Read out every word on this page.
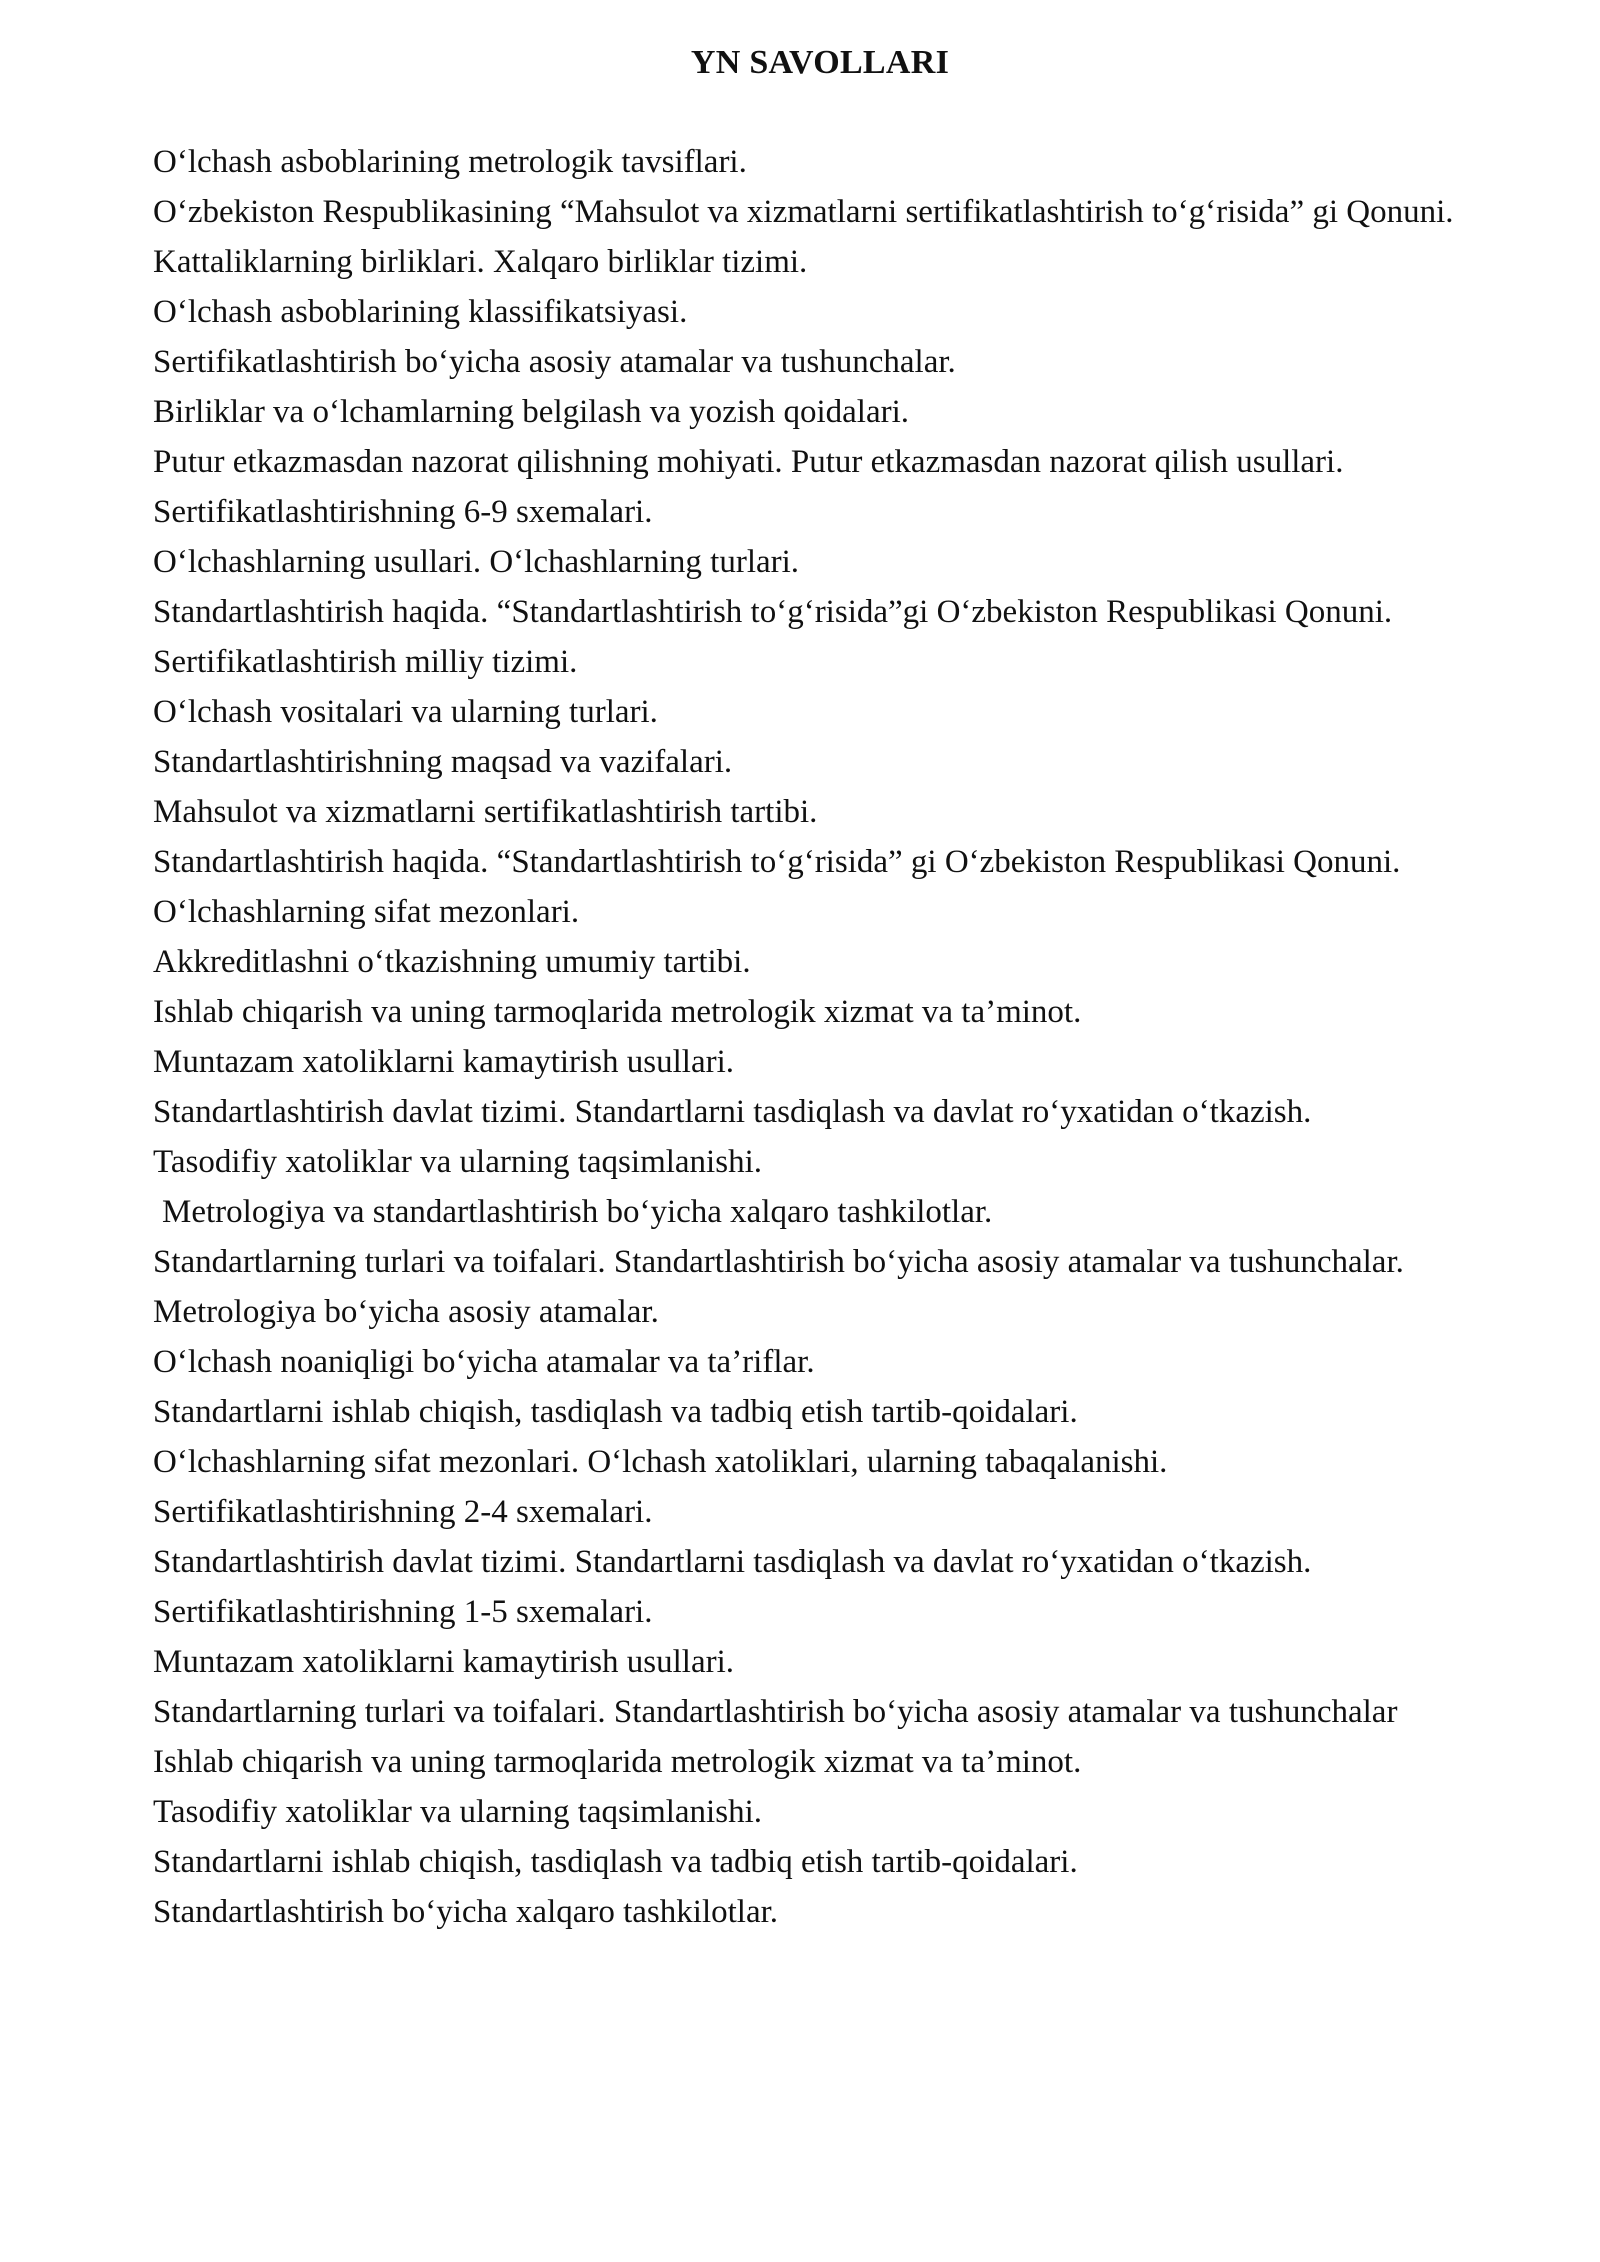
YN SAVOLLARI
O‘lchash asboblarining metrologik tavsiflari.
O‘zbekiston Respublikasining “Mahsulot va xizmatlarni sertifikatlashtirish to‘g‘risida” gi Qonuni.
Kattaliklarning birliklari. Xalqaro birliklar tizimi.
O‘lchash asboblarining klassifikatsiyasi.
Sertifikatlashtirish bo‘yicha asosiy atamalar va tushunchalar.
Birliklar va o‘lchamlarning belgilash va yozish qoidalari.
Putur etkazmasdan nazorat qilishning mohiyati. Putur etkazmasdan nazorat qilish usullari.
Sertifikatlashtirishning 6-9 sxemalari.
O‘lchashlarning usullari. O‘lchashlarning turlari.
Standartlashtirish haqida. “Standartlashtirish to‘g‘risida”gi O‘zbekiston Respublikasi Qonuni.
Sertifikatlashtirish milliy tizimi.
O‘lchash vositalari va ularning turlari.
Standartlashtirishning maqsad va vazifalari.
Mahsulot va xizmatlarni sertifikatlashtirish tartibi.
Standartlashtirish haqida. “Standartlashtirish to‘g‘risida” gi O‘zbekiston Respublikasi Qonuni.
O‘lchashlarning sifat mezonlari.
Akkreditlashni o‘tkazishning umumiy tartibi.
Ishlab chiqarish va uning tarmoqlarida metrologik xizmat va ta’minot.
Muntazam xatoliklarni kamaytirish usullari.
Standartlashtirish davlat tizimi. Standartlarni tasdiqlash va davlat ro‘yxatidan o‘tkazish.
Tasodifiy xatoliklar va ularning taqsimlanishi.
Metrologiya va standartlashtirish bo‘yicha xalqaro tashkilotlar.
Standartlarning turlari va toifalari. Standartlashtirish bo‘yicha asosiy atamalar va tushunchalar.
Metrologiya bo‘yicha asosiy atamalar.
O‘lchash noaniqligi bo‘yicha atamalar va ta’riflar.
Standartlarni ishlab chiqish, tasdiqlash va tadbiq etish tartib-qoidalari.
O‘lchashlarning sifat mezonlari. O‘lchash xatoliklari, ularning tabaqalanishi.
Sertifikatlashtirishning 2-4 sxemalari.
Standartlashtirish davlat tizimi. Standartlarni tasdiqlash va davlat ro‘yxatidan o‘tkazish.
Sertifikatlashtirishning 1-5 sxemalari.
Muntazam xatoliklarni kamaytirish usullari.
Standartlarning turlari va toifalari. Standartlashtirish bo‘yicha asosiy atamalar va tushunchalar
Ishlab chiqarish va uning tarmoqlarida metrologik xizmat va ta’minot.
Tasodifiy xatoliklar va ularning taqsimlanishi.
Standartlarni ishlab chiqish, tasdiqlash va tadbiq etish tartib-qoidalari.
Standartlashtirish bo‘yicha xalqaro tashkilotlar.
